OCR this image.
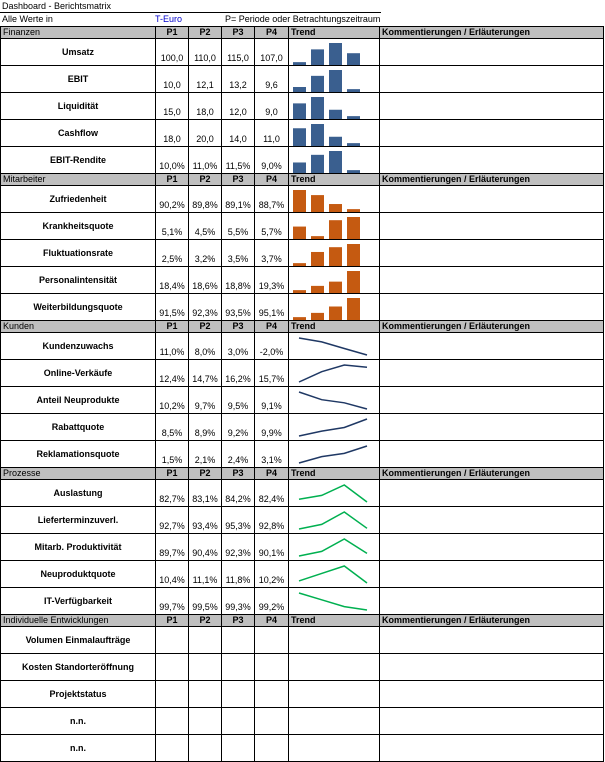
Dashboard - Berichtsmatrix
Alle Werte in	T-Euro	P= Periode oder Betrachtungszeitraum
Finanzen	P1	P2	P3	P4	Trend	Kommentierungen / Erläuterungen
Umsatz	100,0	110,0	115,0	107,0	

EBIT	10,0	12,1	13,2	9,6	

Liquidität	15,0	18,0	12,0	9,0	

Cashflow	18,0	20,0	14,0	11,0	

EBIT-Rendite	10,0%	11,0%	11,5%	9,0%	

Mitarbeiter	P1	P2	P3	P4	Trend	Kommentierungen / Erläuterungen
Zufriedenheit	90,2%	89,8%	89,1%	88,7%	

Krankheitsquote	5,1%	4,5%	5,5%	5,7%	

Fluktuationsrate	2,5%	3,2%	3,5%	3,7%	

Personalintensität	18,4%	18,6%	18,8%	19,3%	

Weiterbildungsquote	91,5%	92,3%	93,5%	95,1%	

Kunden	P1	P2	P3	P4	Trend	Kommentierungen / Erläuterungen
Kundenzuwachs	11,0%	8,0%	3,0%	-2,0%	

Online-Verkäufe	12,4%	14,7%	16,2%	15,7%	

Anteil Neuprodukte	10,2%	9,7%	9,5%	9,1%	

Rabattquote	8,5%	8,9%	9,2%	9,9%	

Reklamationsquote	1,5%	2,1%	2,4%	3,1%	

Prozesse	P1	P2	P3	P4	Trend	Kommentierungen / Erläuterungen
Auslastung	82,7%	83,1%	84,2%	82,4%	

Lieferterminzuverl.	92,7%	93,4%	95,3%	92,8%	

Mitarb. Produktivität	89,7%	90,4%	92,3%	90,1%	

Neuproduktquote	10,4%	11,1%	11,8%	10,2%	

IT-Verfügbarkeit	99,7%	99,5%	99,3%	99,2%	

Individuelle Entwicklungen	P1	P2	P3	P4	Trend	Kommentierungen / Erläuterungen
Volumen Einmalaufträge						
Kosten Standorteröffnung						
Projektstatus						
n.n.						
n.n.						
